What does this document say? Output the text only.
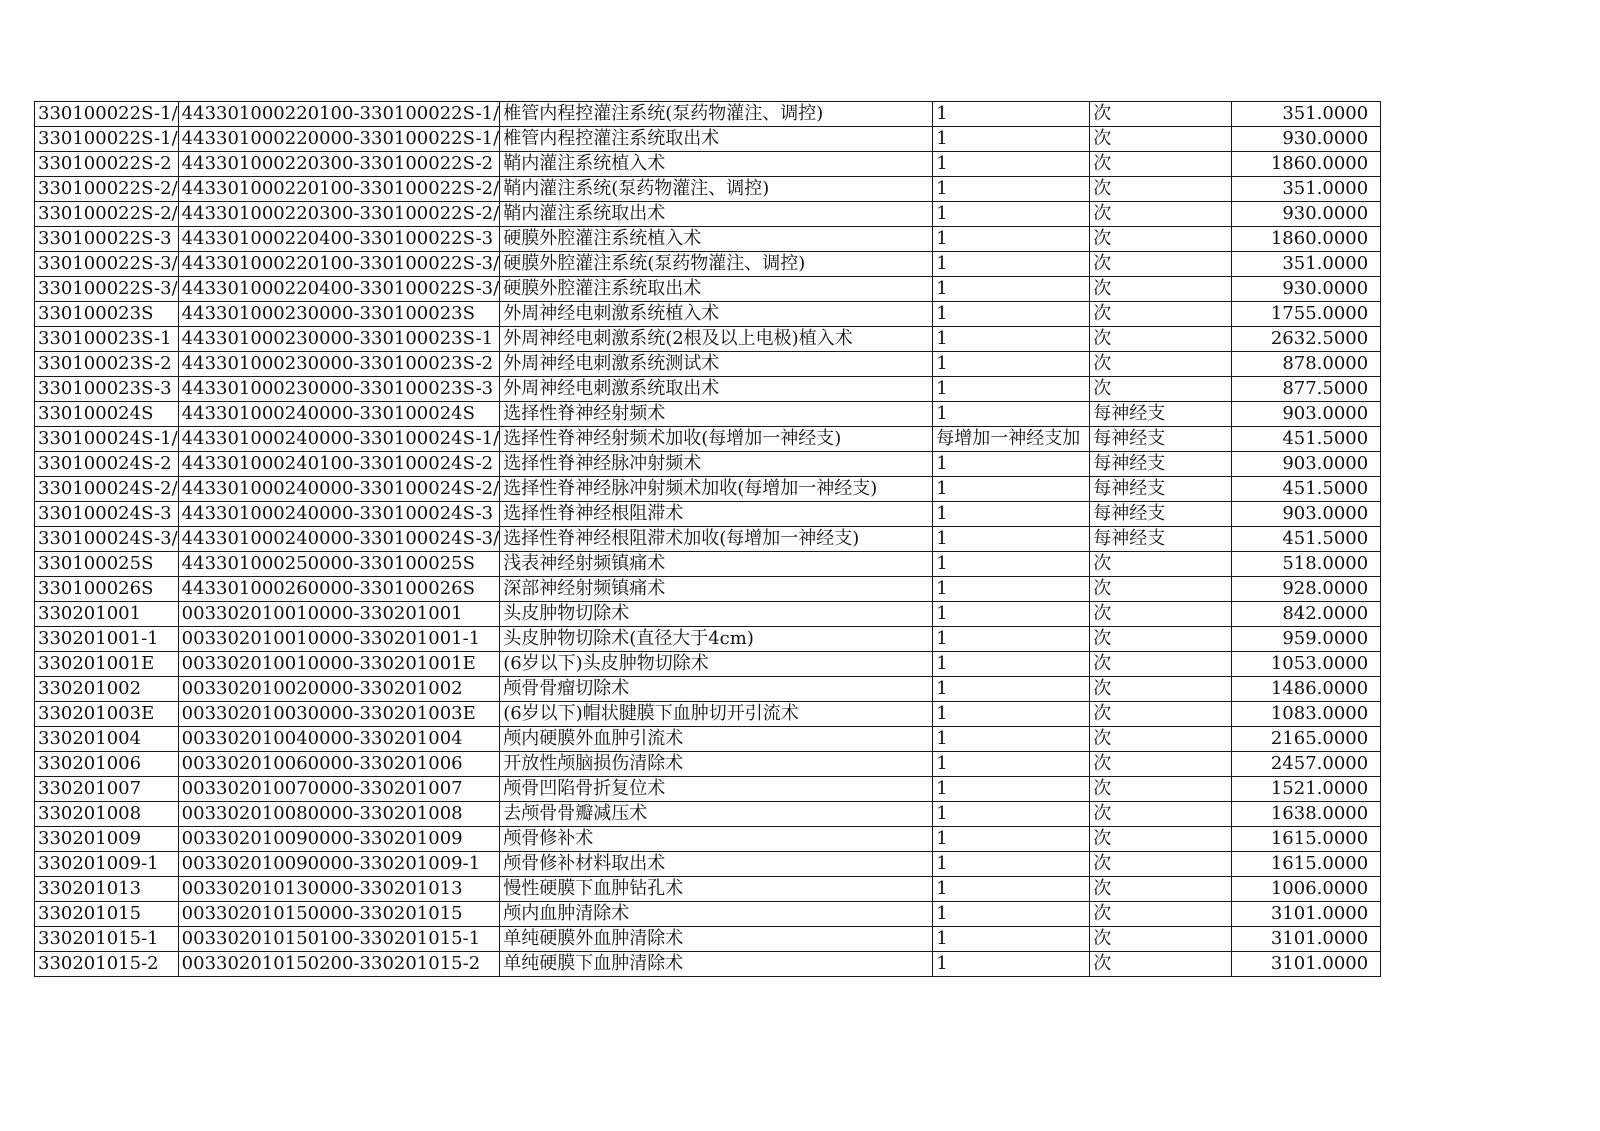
330100022S-1/	443301000220100-330100022S-1/	椎管内程控灌注系统(泵药物灌注、调控)	1	次	351.0000
330100022S-1/	443301000220000-330100022S-1/	椎管内程控灌注系统取出术	1	次	930.0000
330100022S-2	443301000220300-330100022S-2	鞘内灌注系统植入术	1	次	1860.0000
330100022S-2/	443301000220100-330100022S-2/	鞘内灌注系统(泵药物灌注、调控)	1	次	351.0000
330100022S-2/	443301000220300-330100022S-2/	鞘内灌注系统取出术	1	次	930.0000
330100022S-3	443301000220400-330100022S-3	硬膜外腔灌注系统植入术	1	次	1860.0000
330100022S-3/	443301000220100-330100022S-3/	硬膜外腔灌注系统(泵药物灌注、调控)	1	次	351.0000
330100022S-3/	443301000220400-330100022S-3/	硬膜外腔灌注系统取出术	1	次	930.0000
330100023S	443301000230000-330100023S	外周神经电刺激系统植入术	1	次	1755.0000
330100023S-1	443301000230000-330100023S-1	外周神经电刺激系统(2根及以上电极)植入术	1	次	2632.5000
330100023S-2	443301000230000-330100023S-2	外周神经电刺激系统测试术	1	次	878.0000
330100023S-3	443301000230000-330100023S-3	外周神经电刺激系统取出术	1	次	877.5000
330100024S	443301000240000-330100024S	选择性脊神经射频术	1	每神经支	903.0000
330100024S-1/	443301000240000-330100024S-1/	选择性脊神经射频术加收(每增加一神经支)	每增加一神经支加	每神经支	451.5000
330100024S-2	443301000240100-330100024S-2	选择性脊神经脉冲射频术	1	每神经支	903.0000
330100024S-2/	443301000240000-330100024S-2/	选择性脊神经脉冲射频术加收(每增加一神经支)	1	每神经支	451.5000
330100024S-3	443301000240000-330100024S-3	选择性脊神经根阻滞术	1	每神经支	903.0000
330100024S-3/	443301000240000-330100024S-3/	选择性脊神经根阻滞术加收(每增加一神经支)	1	每神经支	451.5000
330100025S	443301000250000-330100025S	浅表神经射频镇痛术	1	次	518.0000
330100026S	443301000260000-330100026S	深部神经射频镇痛术	1	次	928.0000
330201001	003302010010000-330201001	头皮肿物切除术	1	次	842.0000
330201001-1	003302010010000-330201001-1	头皮肿物切除术(直径大于4cm)	1	次	959.0000
330201001E	003302010010000-330201001E	(6岁以下)头皮肿物切除术	1	次	1053.0000
330201002	003302010020000-330201002	颅骨骨瘤切除术	1	次	1486.0000
330201003E	003302010030000-330201003E	(6岁以下)帽状腱膜下血肿切开引流术	1	次	1083.0000
330201004	003302010040000-330201004	颅内硬膜外血肿引流术	1	次	2165.0000
330201006	003302010060000-330201006	开放性颅脑损伤清除术	1	次	2457.0000
330201007	003302010070000-330201007	颅骨凹陷骨折复位术	1	次	1521.0000
330201008	003302010080000-330201008	去颅骨骨瓣减压术	1	次	1638.0000
330201009	003302010090000-330201009	颅骨修补术	1	次	1615.0000
330201009-1	003302010090000-330201009-1	颅骨修补材料取出术	1	次	1615.0000
330201013	003302010130000-330201013	慢性硬膜下血肿钻孔术	1	次	1006.0000
330201015	003302010150000-330201015	颅内血肿清除术	1	次	3101.0000
330201015-1	003302010150100-330201015-1	单纯硬膜外血肿清除术	1	次	3101.0000
330201015-2	003302010150200-330201015-2	单纯硬膜下血肿清除术	1	次	3101.0000
